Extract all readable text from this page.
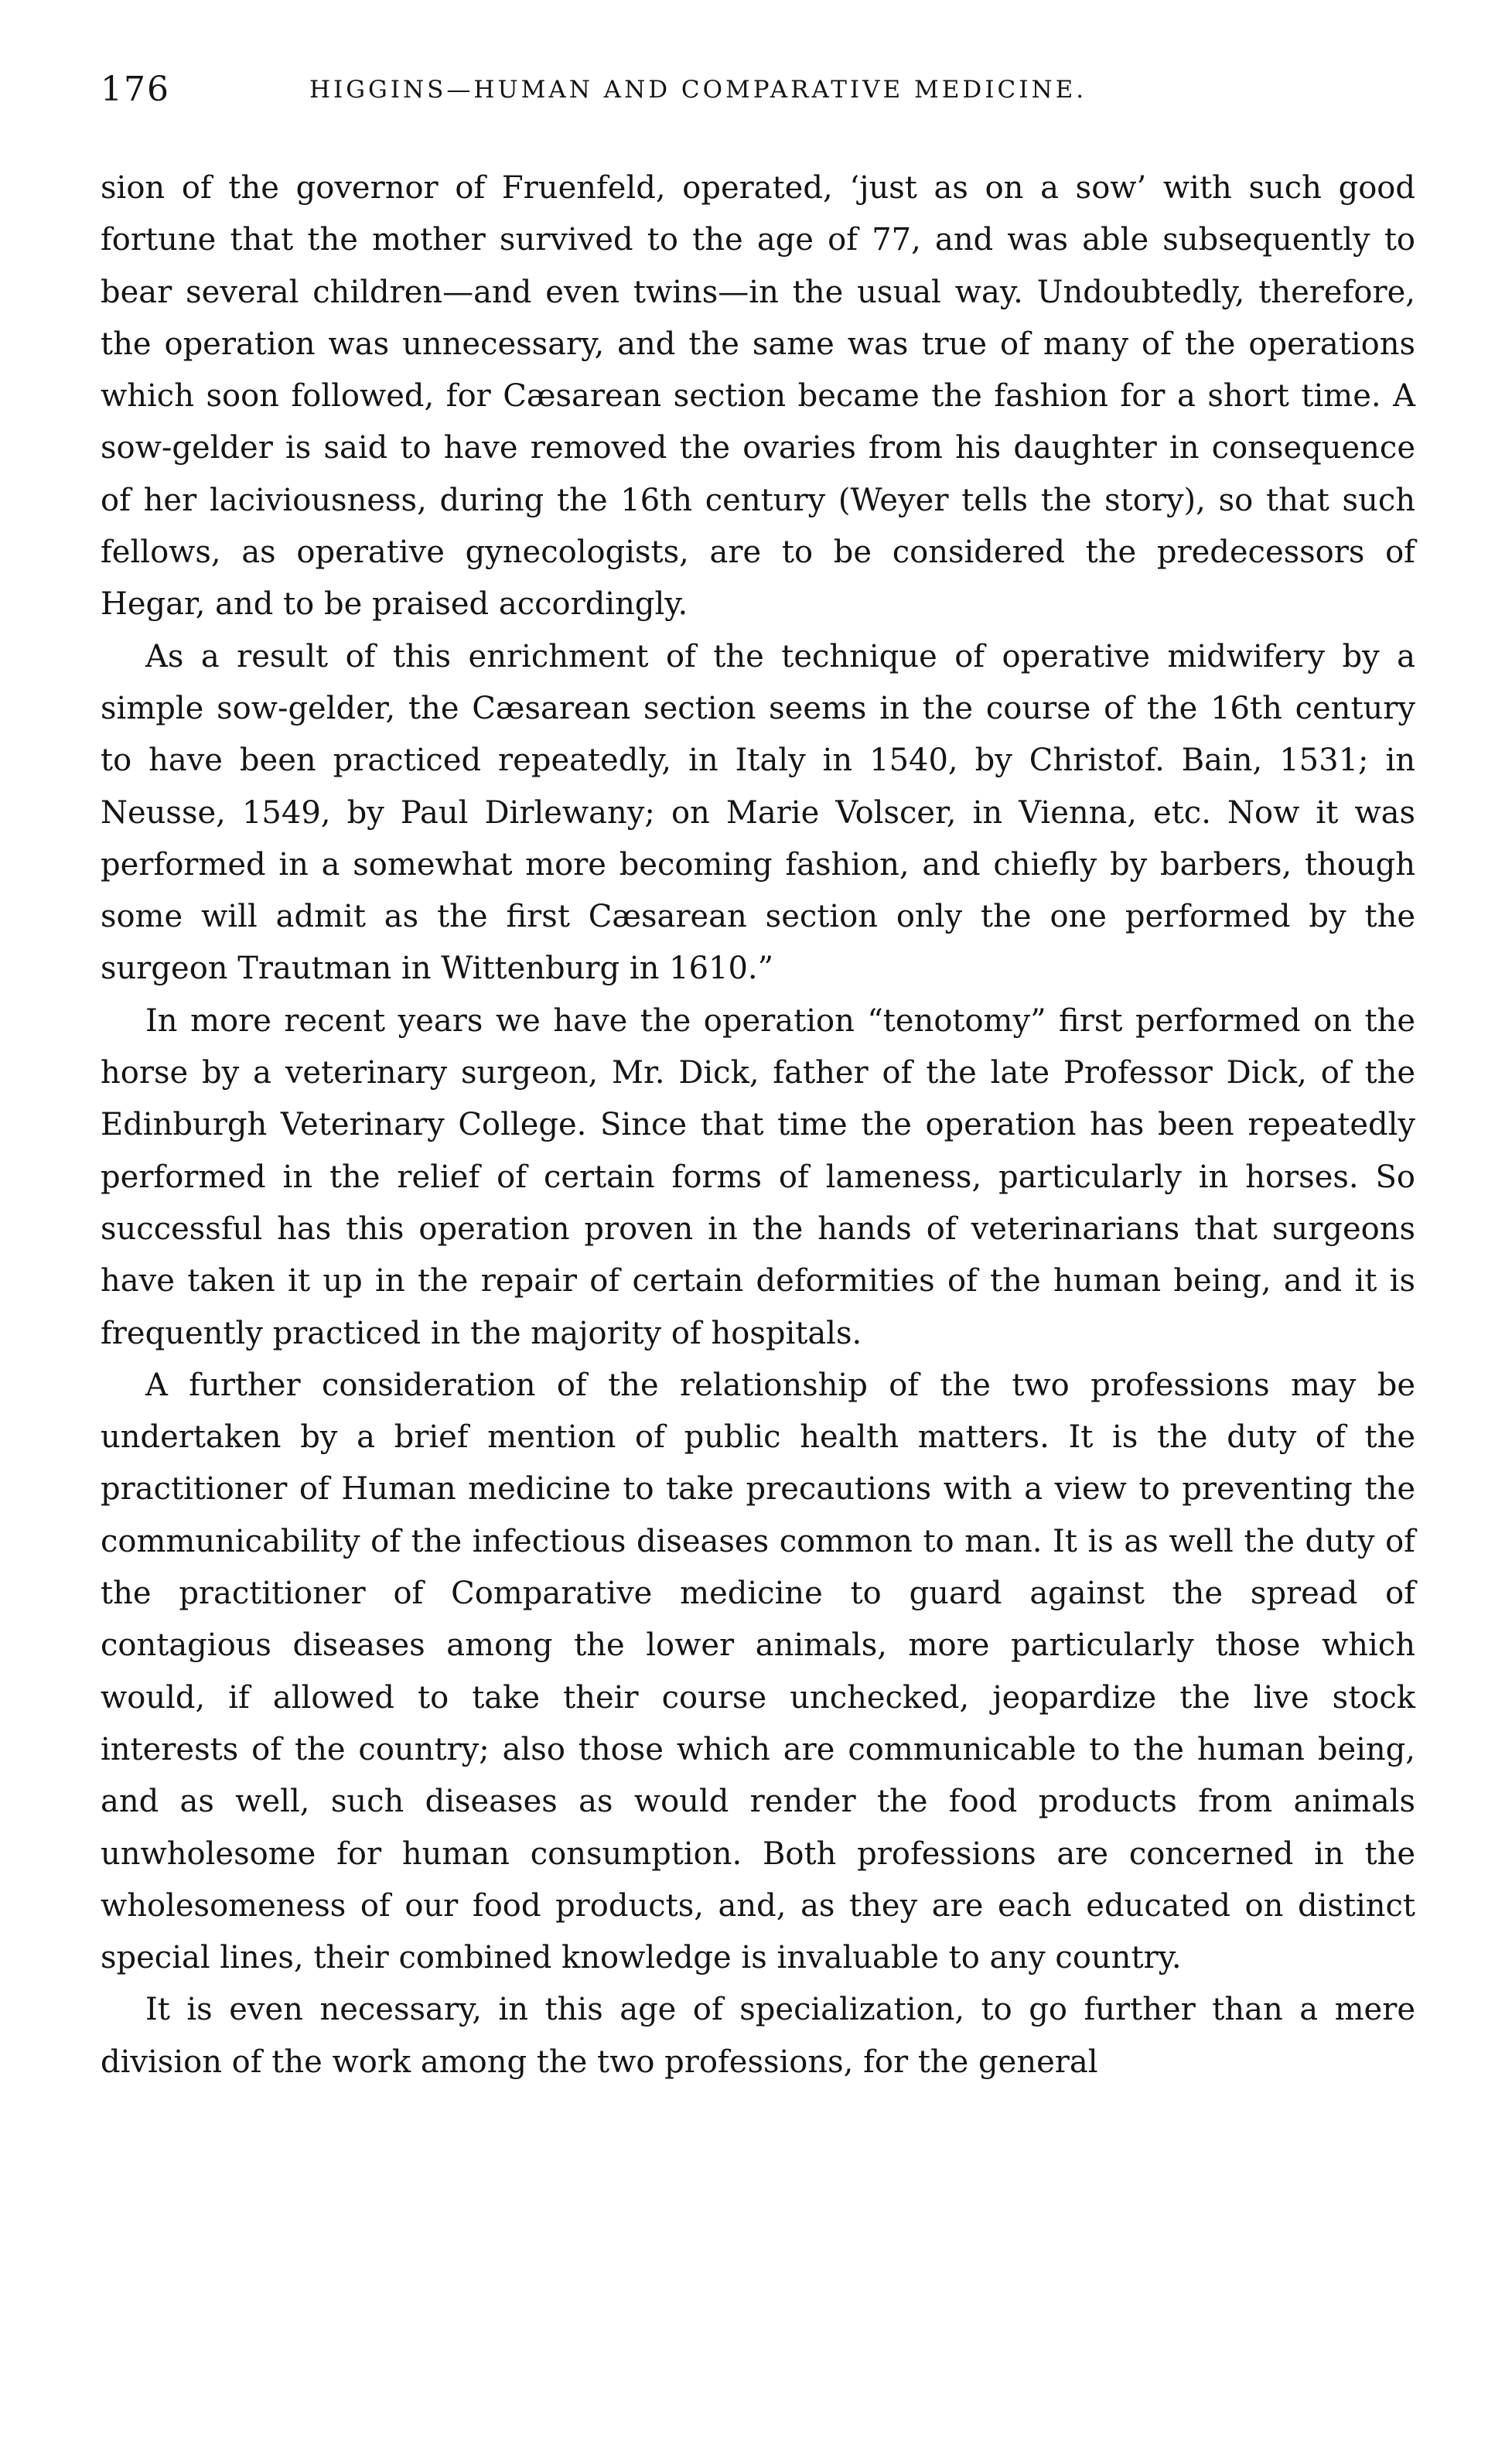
176	HIGGINS—HUMAN AND COMPARATIVE MEDICINE.

sion of the governor of Fruenfeld, operated, ‘just as on a sow’ with such good fortune that the mother survived to the age of 77, and was able subsequently to bear several children—and even twins—in the usual way. Undoubtedly, therefore, the operation was unnecessary, and the same was true of many of the operations which soon followed, for Cæsarean section became the fashion for a short time. A sow-gelder is said to have removed the ovaries from his daughter in consequence of her laciviousness, during the 16th century (Weyer tells the story), so that such fellows, as operative gynecologists, are to be considered the predecessors of Hegar, and to be praised accordingly.

As a result of this enrichment of the technique of operative midwifery by a simple sow-gelder, the Cæsarean section seems in the course of the 16th century to have been practiced repeatedly, in Italy in 1540, by Christof. Bain, 1531; in Neusse, 1549, by Paul Dirlewany; on Marie Volscer, in Vienna, etc. Now it was performed in a somewhat more becoming fashion, and chiefly by barbers, though some will admit as the first Cæsarean section only the one performed by the surgeon Trautman in Wittenburg in 1610.”

In more recent years we have the operation “tenotomy” first performed on the horse by a veterinary surgeon, Mr. Dick, father of the late Professor Dick, of the Edinburgh Veterinary College. Since that time the operation has been repeatedly performed in the relief of certain forms of lameness, particularly in horses. So successful has this operation proven in the hands of veterinarians that surgeons have taken it up in the repair of certain deformities of the human being, and it is frequently practiced in the majority of hospitals.

A further consideration of the relationship of the two professions may be undertaken by a brief mention of public health matters. It is the duty of the practitioner of Human medicine to take precautions with a view to preventing the communicability of the infectious diseases common to man. It is as well the duty of the practitioner of Comparative medicine to guard against the spread of contagious diseases among the lower animals, more particularly those which would, if allowed to take their course unchecked, jeopardize the live stock interests of the country; also those which are communicable to the human being, and as well, such diseases as would render the food products from animals unwholesome for human consumption. Both professions are concerned in the wholesomeness of our food products, and, as they are each educated on distinct special lines, their combined knowledge is invaluable to any country.

It is even necessary, in this age of specialization, to go further than a mere division of the work among the two professions, for the general
